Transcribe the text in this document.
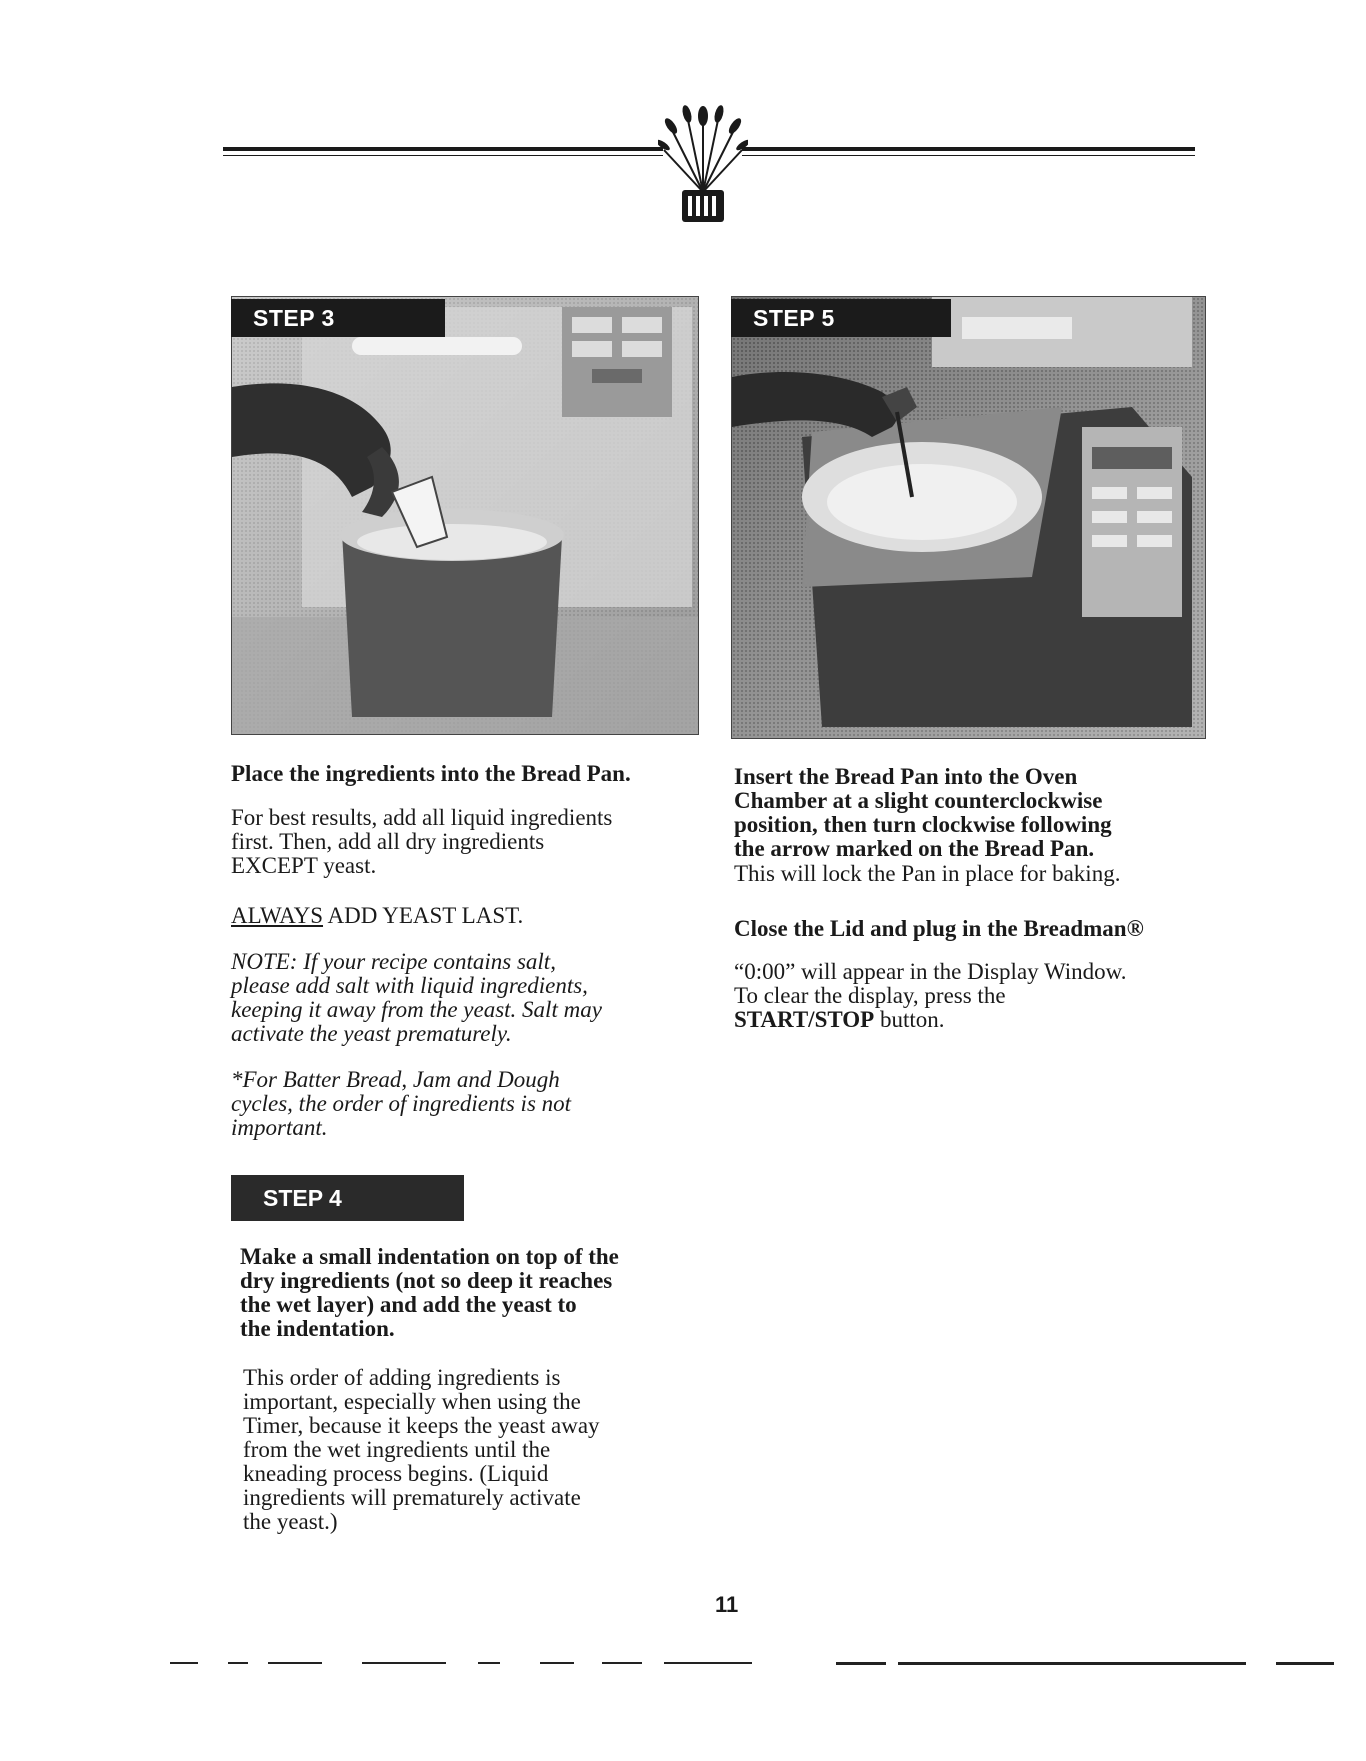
STEP 3	STEP 5

Place the ingredients into the Bread Pan.

For best results, add all liquid ingredients
first. Then, add all dry ingredients
EXCEPT yeast.
ALWAYS ADD YEAST LAST.
NOTE: If your recipe contains salt,
please add salt with liquid ingredients,
keeping it away from the yeast. Salt may
activate the yeast prematurely.
*For Batter Bread, Jam and Dough
cycles, the order of ingredients is not
important.
STEP 4
Make a small indentation on top of the
dry ingredients (not so deep it reaches
the wet layer) and add the yeast to
the indentation.
This order of adding ingredients is
important, especially when using the
Timer, because it keeps the yeast away
from the wet ingredients until the
kneading process begins. (Liquid
ingredients will prematurely activate
the yeast.)
Insert the Bread Pan into the Oven
Chamber at a slight counterclockwise
position, then turn clockwise following
the arrow marked on the Bread Pan.

This will lock the Pan in place for baking.

Close the Lid and plug in the Breadman®

“0:00” will appear in the Display Window.
To clear the display, press the
START/STOP button.
11
